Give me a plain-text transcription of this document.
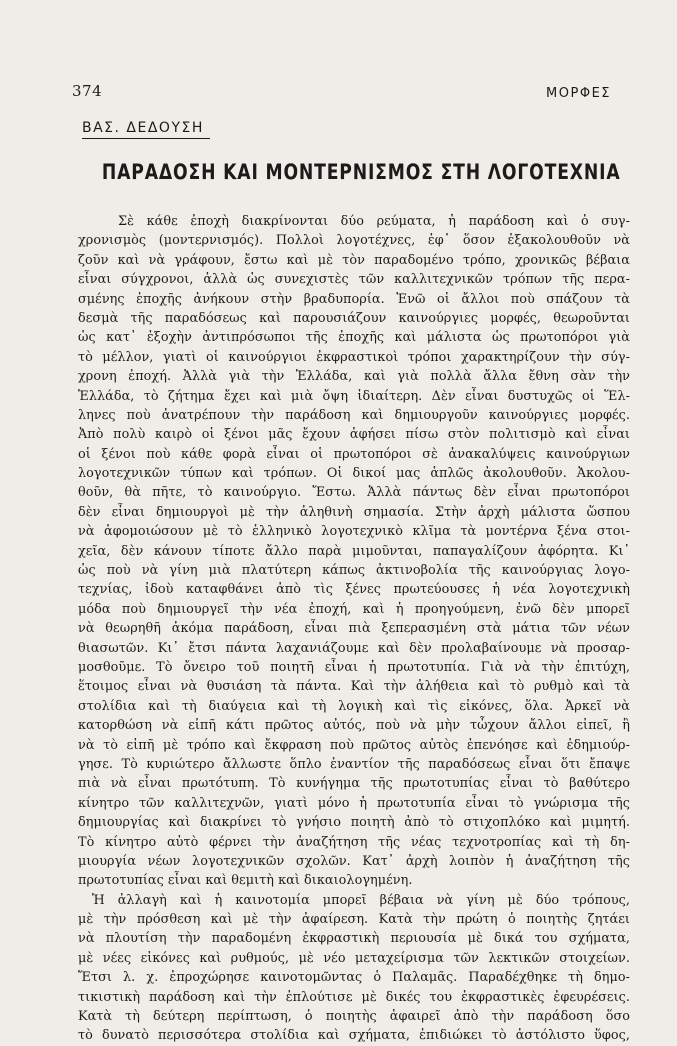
374	ΜΟΡΦΕΣ
ΒΑΣ. ΔΕΔΟΥΣΗ
ΠΑΡΑΔΟΣΗ ΚΑΙ ΜΟΝΤΕΡΝΙΣΜΟΣ ΣΤΗ ΛΟΓΟΤΕΧΝΙΑ
Σὲ κάθε ἐποχὴ διακρίνονται δύο ρεύματα, ἡ παράδοση καὶ ὁ συγ-
χρονισμὸς (μοντερνισμός). Πολλοὶ λογοτέχνες, ἐφ᾿ ὅσον ἐξακολουθοῦν νὰ
ζοῦν καὶ νὰ γράφουν, ἔστω καὶ μὲ τὸν παραδομένο τρόπο, χρονικῶς βέβαια
εἶναι σύγχρονοι, ἀλλὰ ὡς συνεχιστὲς τῶν καλλιτεχνικῶν τρόπων τῆς περα-
σμένης ἐποχῆς ἀνήκουν στὴν βραδυπορία. Ἐνῶ οἱ ἄλλοι ποὺ σπάζουν τὰ
δεσμὰ τῆς παραδόσεως καὶ παρουσιάζουν καινούργιες μορφές, θεωροῦνται
ὡς κατ᾿ ἐξοχὴν ἀντιπρόσωποι τῆς ἐποχῆς καὶ μάλιστα ὡς πρωτοπόροι γιὰ
τὸ μέλλον, γιατὶ οἱ καινούργιοι ἐκφραστικοὶ τρόποι χαρακτηρίζουν τὴν σύγ-
χρονη ἐποχή. Ἀλλὰ γιὰ τὴν Ἑλλάδα, καὶ γιὰ πολλὰ ἄλλα ἔθνη σὰν τὴν
Ἑλλάδα, τὸ ζήτημα ἔχει καὶ μιὰ ὄψη ἰδιαίτερη. Δὲν εἶναι δυστυχῶς οἱ Ἕλ-
ληνες ποὺ ἀνατρέπουν τὴν παράδοση καὶ δημιουργοῦν καινούργιες μορφές.
Ἀπὸ πολὺ καιρὸ οἱ ξένοι μᾶς ἔχουν ἀφήσει πίσω στὸν πολιτισμὸ καὶ εἶναι
οἱ ξένοι ποὺ κάθε φορὰ εἶναι οἱ πρωτοπόροι σὲ ἀνακαλύψεις καινούργιων
λογοτεχνικῶν τύπων καὶ τρόπων. Οἱ δικοί μας ἁπλῶς ἀκολουθοῦν. Ἀκολου-
θοῦν, θὰ πῆτε, τὸ καινούργιο. Ἔστω. Ἀλλὰ πάντως δὲν εἶναι πρωτοπόροι
δὲν εἶναι δημιουργοὶ μὲ τὴν ἀληθινὴ σημασία. Στὴν ἀρχὴ μάλιστα ὥσπου
νὰ ἀφομοιώσουν μὲ τὸ ἑλληνικὸ λογοτεχνικὸ κλῖμα τὰ μοντέρνα ξένα στοι-
χεῖα, δὲν κάνουν τίποτε ἄλλο παρὰ μιμοῦνται, παπαγαλίζουν ἀφόρητα. Κι᾿
ὡς ποὺ νὰ γίνη μιὰ πλατύτερη κάπως ἀκτινοβολία τῆς καινούργιας λογο-
τεχνίας, ἰδοὺ καταφθάνει ἀπὸ τὶς ξένες πρωτεύουσες ἡ νέα λογοτεχνικὴ
μόδα ποὺ δημιουργεῖ τὴν νέα ἐποχή, καὶ ἡ προηγούμενη, ἐνῶ δὲν μπορεῖ
νὰ θεωρηθῆ ἀκόμα παράδοση, εἶναι πιὰ ξεπερασμένη στὰ μάτια τῶν νέων
θιασωτῶν. Κι᾿ ἔτσι πάντα λαχανιάζουμε καὶ δὲν προλαβαίνουμε νὰ προσαρ-
μοσθοῦμε. Τὸ ὄνειρο τοῦ ποιητῆ εἶναι ἡ πρωτοτυπία. Γιὰ νὰ τὴν ἐπιτύχη,
ἕτοιμος εἶναι νὰ θυσιάση τὰ πάντα. Καὶ τὴν ἀλήθεια καὶ τὸ ρυθμὸ καὶ τὰ
στολίδια καὶ τὴ διαύγεια καὶ τὴ λογικὴ καὶ τὶς εἰκόνες, ὅλα. Ἀρκεῖ νὰ
κατορθώση νὰ εἰπῆ κάτι πρῶτος αὐτός, ποὺ νὰ μὴν τὦχουν ἄλλοι εἰπεῖ, ἢ
νὰ τὸ εἰπῆ μὲ τρόπο καὶ ἔκφραση ποὺ πρῶτος αὐτὸς ἐπενόησε καὶ ἐδημιούρ-
γησε. Τὸ κυριώτερο ἄλλωστε ὅπλο ἐναντίον τῆς παραδόσεως εἶναι ὅτι ἔπαψε
πιὰ νὰ εἶναι πρωτότυπη. Τὸ κυνήγημα τῆς πρωτοτυπίας εἶναι τὸ βαθύτερο
κίνητρο τῶν καλλιτεχνῶν, γιατὶ μόνο ἡ πρωτοτυπία εἶναι τὸ γνώρισμα τῆς
δημιουργίας καὶ διακρίνει τὸ γνήσιο ποιητὴ ἀπὸ τὸ στιχοπλόκο καὶ μιμητή.
Τὸ κίνητρο αὐτὸ φέρνει τὴν ἀναζήτηση τῆς νέας τεχνοτροπίας καὶ τὴ δη-
μιουργία νέων λογοτεχνικῶν σχολῶν. Κατ᾿ ἀρχὴ λοιπὸν ἡ ἀναζήτηση τῆς
πρωτοτυπίας εἶναι καὶ θεμιτὴ καὶ δικαιολογημένη.
Ἡ ἀλλαγὴ καὶ ἡ καινοτομία μπορεῖ βέβαια νὰ γίνη μὲ δύο τρόπους,
μὲ τὴν πρόσθεση καὶ μὲ τὴν ἀφαίρεση. Κατὰ τὴν πρώτη ὁ ποιητὴς ζητάει
νὰ πλουτίση τὴν παραδομένη ἐκφραστικὴ περιουσία μὲ δικά του σχήματα,
μὲ νέες εἰκόνες καὶ ρυθμούς, μὲ νέο μεταχείρισμα τῶν λεκτικῶν στοιχείων.
Ἔτσι λ. χ. ἐπροχώρησε καινοτομῶντας ὁ Παλαμᾶς. Παραδέχθηκε τὴ δημο-
τικιστικὴ παράδοση καὶ τὴν ἐπλούτισε μὲ δικές του ἐκφραστικὲς ἐφευρέσεις.
Κατὰ τὴ δεύτερη περίπτωση, ὁ ποιητὴς ἀφαιρεῖ ἀπὸ τὴν παράδοση ὅσο
τὸ δυνατὸ περισσότερα στολίδια καὶ σχήματα, ἐπιδιώκει τὸ ἀστόλιστο ὕφος,
